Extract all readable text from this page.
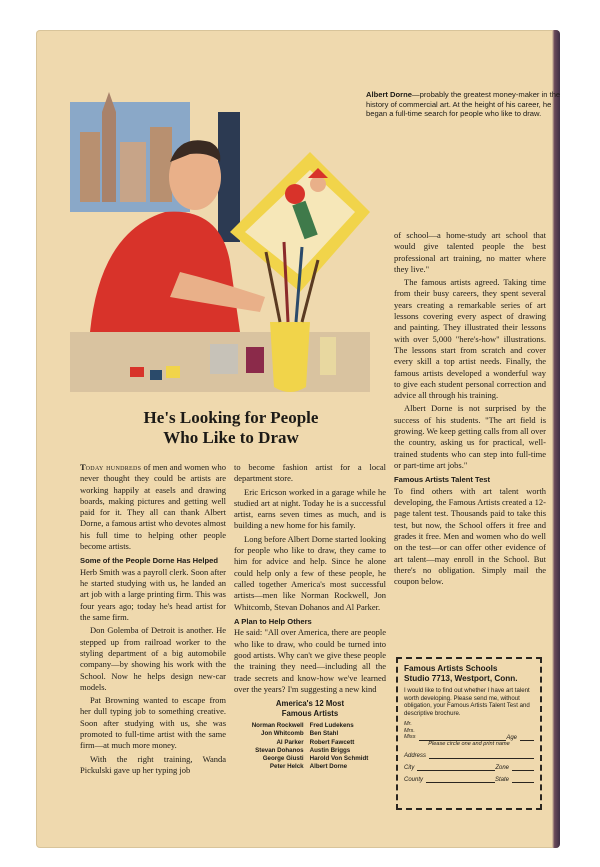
Albert Dorne—probably the greatest money-maker in the history of commercial art. At the height of his career, he began a full-time search for people who like to draw.
He's Looking for People
Who Like to Draw

Today hundreds of men and women who never thought they could be artists are working happily at easels and drawing boards, making pictures and getting well paid for it. They all can thank Albert Dorne, a famous artist who devotes almost his full time to helping other people become artists.

Some of the People Dorne Has Helped

Herb Smith was a payroll clerk. Soon after he started studying with us, he landed an art job with a large printing firm. This was four years ago; today he's head artist for the same firm.

Don Golemba of Detroit is another. He stepped up from railroad worker to the styling department of a big automobile company—by showing his work with the School. Now he helps design new-car models.

Pat Browning wanted to escape from her dull typing job to something creative. Soon after studying with us, she was promoted to full-time artist with the same firm—at much more money.

With the right training, Wanda Pickulski gave up her typing job

to become fashion artist for a local department store.

Eric Ericson worked in a garage while he studied art at night. Today he is a successful artist, earns seven times as much, and is building a new home for his family.

Long before Albert Dorne started looking for people who like to draw, they came to him for advice and help. Since he alone could help only a few of these people, he called together America's most successful artists—men like Norman Rockwell, Jon Whitcomb, Stevan Dohanos and Al Parker.

A Plan to Help Others

He said: "All over America, there are people who like to draw, who could be turned into good artists. Why can't we give these people the training they need—including all the trade secrets and know-how we've learned over the years? I'm suggesting a new kind

America's 12 Most
Famous Artists
Norman Rockwell	Fred Ludekens
Jon Whitcomb	Ben Stahl
Al Parker	Robert Fawcett
Stevan Dohanos	Austin Briggs
George Giusti	Harold Von Schmidt
Peter Helck	Albert Dorne

of school—a home-study art school that would give talented people the best professional art training, no matter where they live."

The famous artists agreed. Taking time from their busy careers, they spent several years creating a remarkable series of art lessons covering every aspect of drawing and painting. They illustrated their lessons with over 5,000 "here's-how" illustrations. The lessons start from scratch and cover every skill a top artist needs. Finally, the famous artists developed a wonderful way to give each student personal correction and advice all through his training.

Albert Dorne is not surprised by the success of his students. "The art field is growing. We keep getting calls from all over the country, asking us for practical, well-trained students who can step into full-time or part-time art jobs."

Famous Artists Talent Test

To find others with art talent worth developing, the Famous Artists created a 12-page talent test. Thousands paid to take this test, but now, the School offers it free and grades it free. Men and women who do well on the test—or can offer other evidence of art talent—may enroll in the School. But there's no obligation. Simply mail the coupon below.

Famous Artists Schools
Studio 7713, Westport, Conn.
I would like to find out whether I have art talent worth developing. Please send me, without obligation, your Famous Artists Talent Test and descriptive brochure.
Mr.
Mrs.
Miss	Age
Please circle one and print name
Address
City	Zone
County	State
